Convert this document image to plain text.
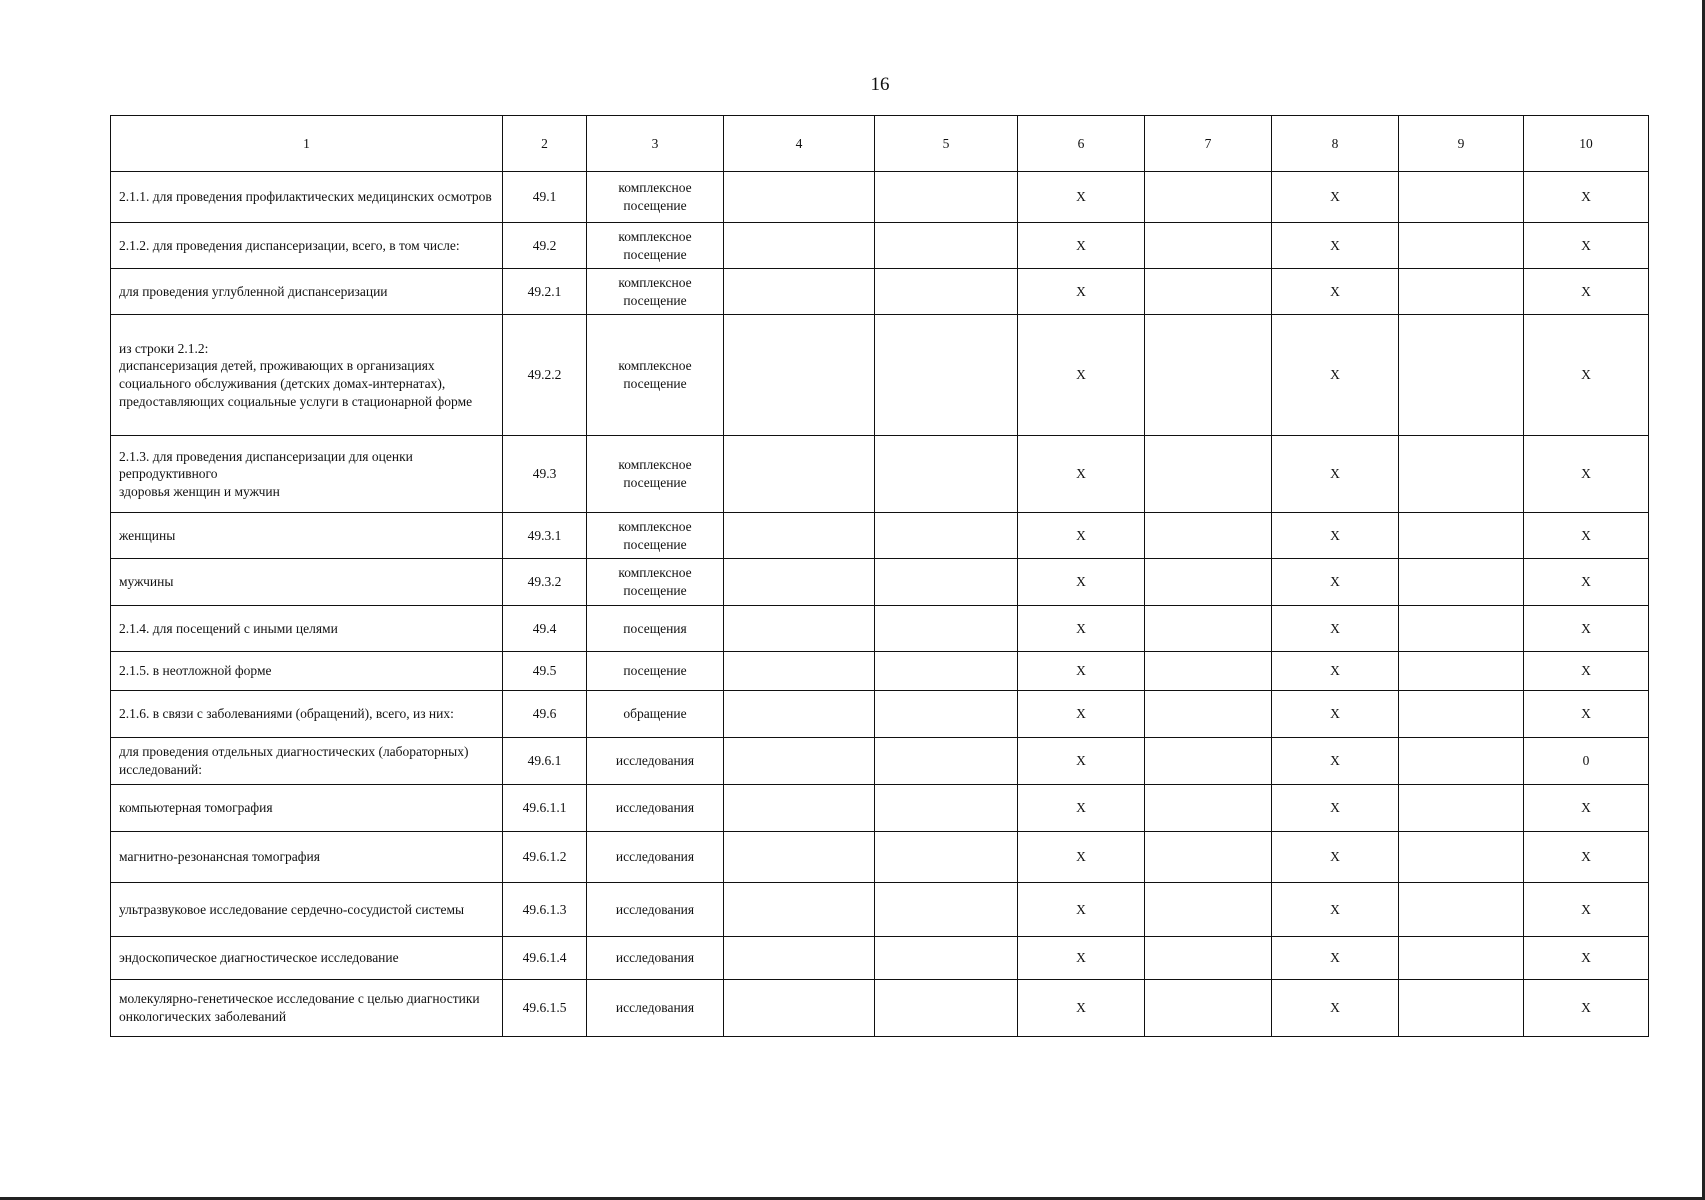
16
1	2	3	4	5	6	7	8	9	10
2.1.1. для проведения профилактических медицинских осмотров	49.1	комплексное
посещение			Х		Х		Х
2.1.2. для проведения диспансеризации, всего, в том числе:	49.2	комплексное
посещение			Х		Х		Х
для проведения углубленной диспансеризации	49.2.1	комплексное
посещение			Х		Х		Х
из строки 2.1.2:
диспансеризация детей, проживающих в организациях социального обслуживания (детских домах-интернатах), предоставляющих социальные услуги в стационарной форме	49.2.2	комплексное
посещение			Х		Х		Х
2.1.3. для проведения диспансеризации для оценки репродуктивного
здоровья женщин и мужчин	49.3	комплексное
посещение			Х		Х		Х
женщины	49.3.1	комплексное
посещение			Х		Х		Х
мужчины	49.3.2	комплексное
посещение			Х		Х		Х
2.1.4. для посещений с иными целями	49.4	посещения			Х		Х		Х
2.1.5. в неотложной форме	49.5	посещение			Х		Х		Х
2.1.6. в связи с заболеваниями (обращений), всего, из них:	49.6	обращение			Х		Х		Х
для проведения отдельных диагностических (лабораторных) исследований:	49.6.1	исследования			Х		Х		0
компьютерная томография	49.6.1.1	исследования			Х		Х		Х
магнитно-резонансная томография	49.6.1.2	исследования			Х		Х		Х
ультразвуковое исследование сердечно-сосудистой системы	49.6.1.3	исследования			Х		Х		Х
эндоскопическое диагностическое исследование	49.6.1.4	исследования			Х		Х		Х
молекулярно-генетическое исследование с целью диагностики онкологических заболеваний	49.6.1.5	исследования			Х		Х		Х
